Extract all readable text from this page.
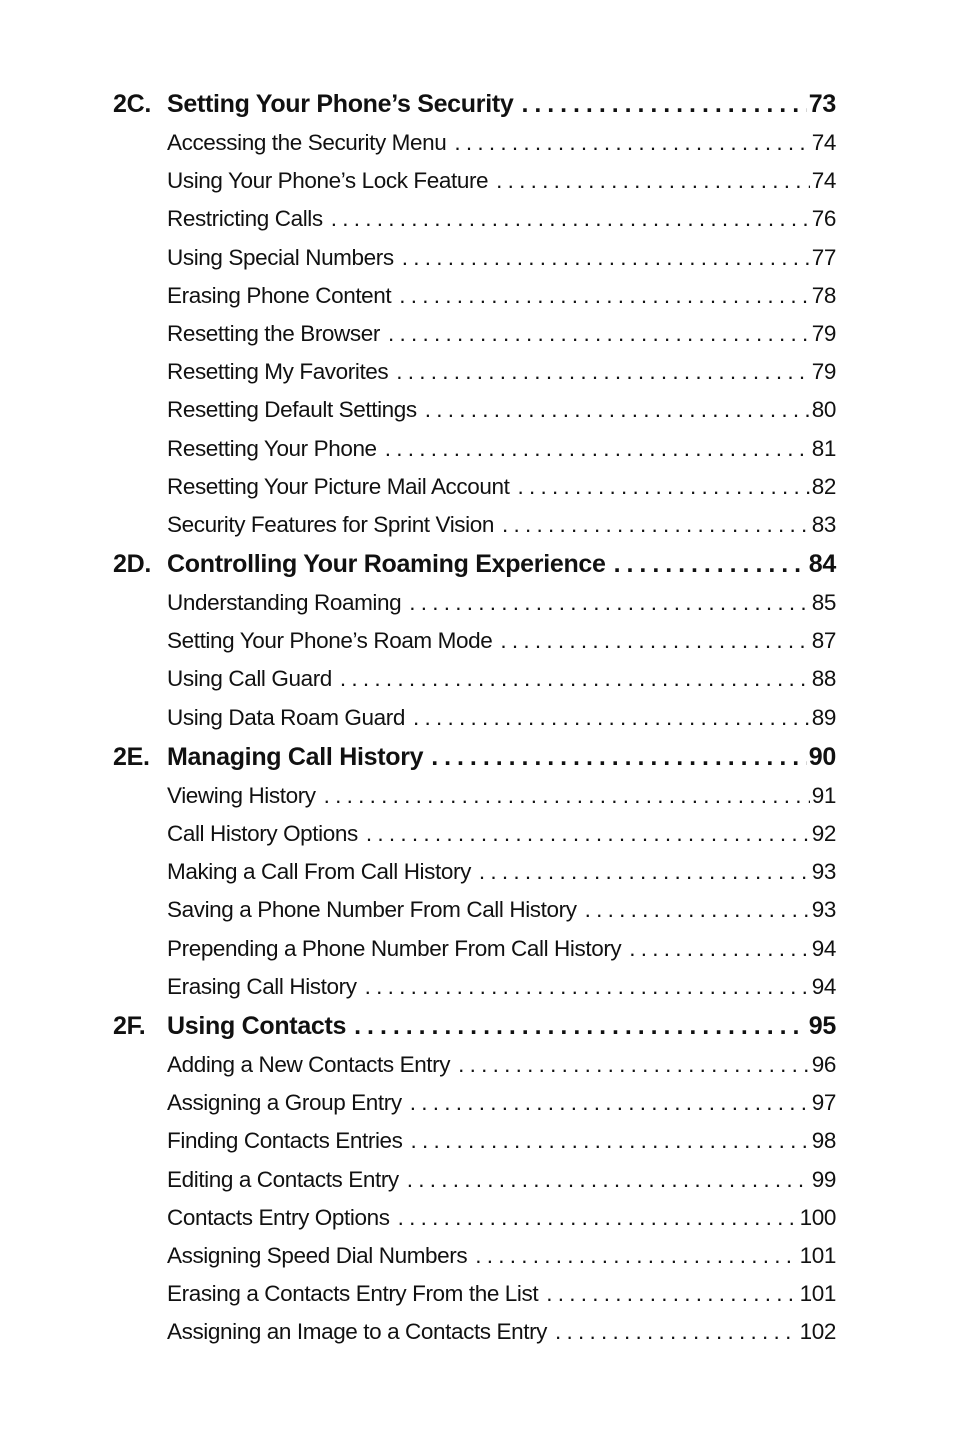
2C. Setting Your Phone’s Security . . .	73
Accessing the Security Menu . . .	74
Using Your Phone’s Lock Feature . . .	74
Restricting Calls . . .	76
Using Special Numbers . . .	77
Erasing Phone Content . . .	78
Resetting the Browser . . .	79
Resetting My Favorites . . .	79
Resetting Default Settings . . .	80
Resetting Your Phone . . .	81
Resetting Your Picture Mail Account . . .	82
Security Features for Sprint Vision . . .	83
2D. Controlling Your Roaming Experience . . .	84
Understanding Roaming . . .	85
Setting Your Phone’s Roam Mode . . .	87
Using Call Guard . . .	88
Using Data Roam Guard . . .	89
2E. Managing Call History . . .	90
Viewing History . . .	91
Call History Options . . .	92
Making a Call From Call History . . .	93
Saving a Phone Number From Call History . . .	93
Prepending a Phone Number From Call History . . .	94
Erasing Call History . . .	94
2F. Using Contacts . . .	95
Adding a New Contacts Entry . . .	96
Assigning a Group Entry . . .	97
Finding Contacts Entries . . .	98
Editing a Contacts Entry . . .	99
Contacts Entry Options . . .	100
Assigning Speed Dial Numbers . . .	101
Erasing a Contacts Entry From the List . . .	101
Assigning an Image to a Contacts Entry . . .	102
